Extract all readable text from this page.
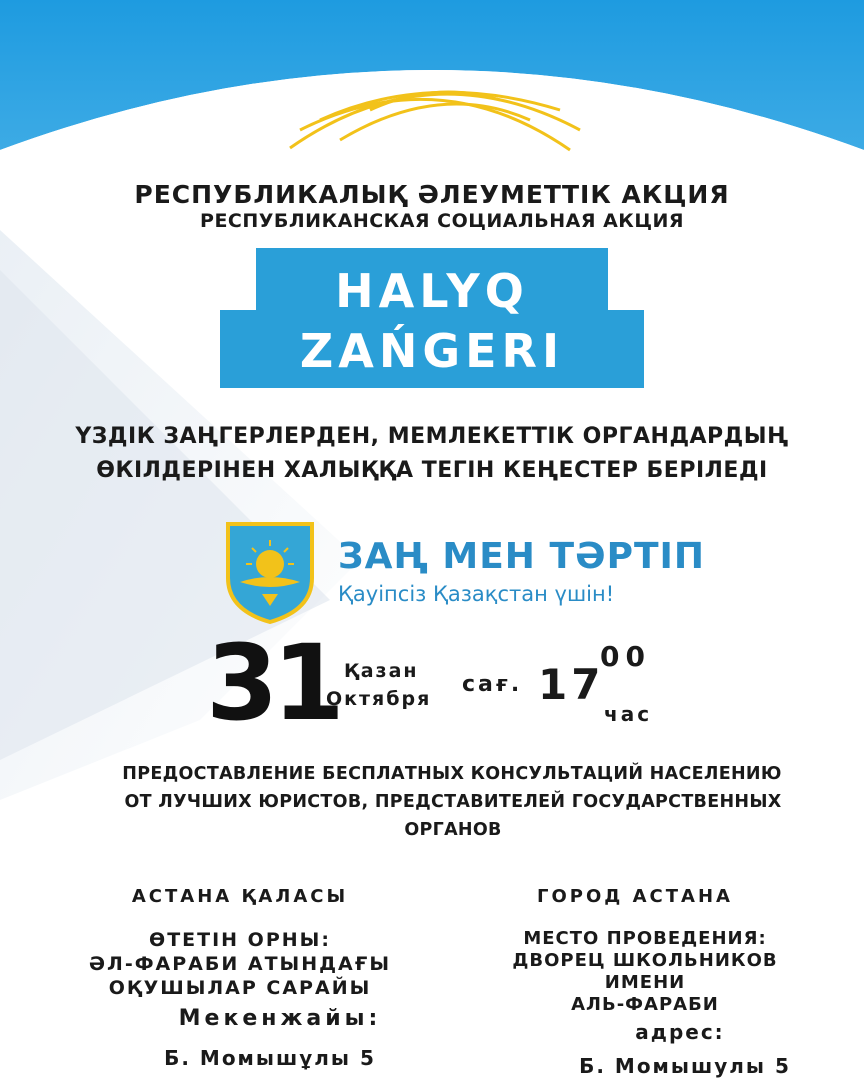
РЕСПУБЛИКАЛЫҚ ӘЛЕУМЕТТІК АКЦИЯ
РЕСПУБЛИКАНСКАЯ СОЦИАЛЬНАЯ АКЦИЯ
HALYQ
ZAŃGERI
ҮЗДІК ЗАҢГЕРЛЕРДЕН, МЕМЛЕКЕТТІК ОРГАНДАРДЫҢ
ӨКІЛДЕРІНЕН ХАЛЫҚҚА ТЕГІН КЕҢЕСТЕР БЕРІЛЕДІ
ЗАҢ МЕН ТӘРТІП
Қауіпсіз Қазақстан үшін!
31 Қазан
Октября
сағ. 17
00
час
ПРЕДОСТАВЛЕНИЕ БЕСПЛАТНЫХ КОНСУЛЬТАЦИЙ НАСЕЛЕНИЮ
ОТ ЛУЧШИХ ЮРИСТОВ, ПРЕДСТАВИТЕЛЕЙ ГОСУДАРСТВЕННЫХ
ОРГАНОВ
АСТАНА ҚАЛАСЫ
ӨТЕТІН ОРНЫ:
ӘЛ-ФАРАБИ АТЫНДАҒЫ
ОҚУШЫЛАР САРАЙЫ
Мекенжайы:
Б. Момышұлы 5
ГОРОД АСТАНА
МЕСТО ПРОВЕДЕНИЯ:
ДВОРЕЦ ШКОЛЬНИКОВ
ИМЕНИ
АЛЬ-ФАРАБИ
адрес:
Б. Момышулы 5
